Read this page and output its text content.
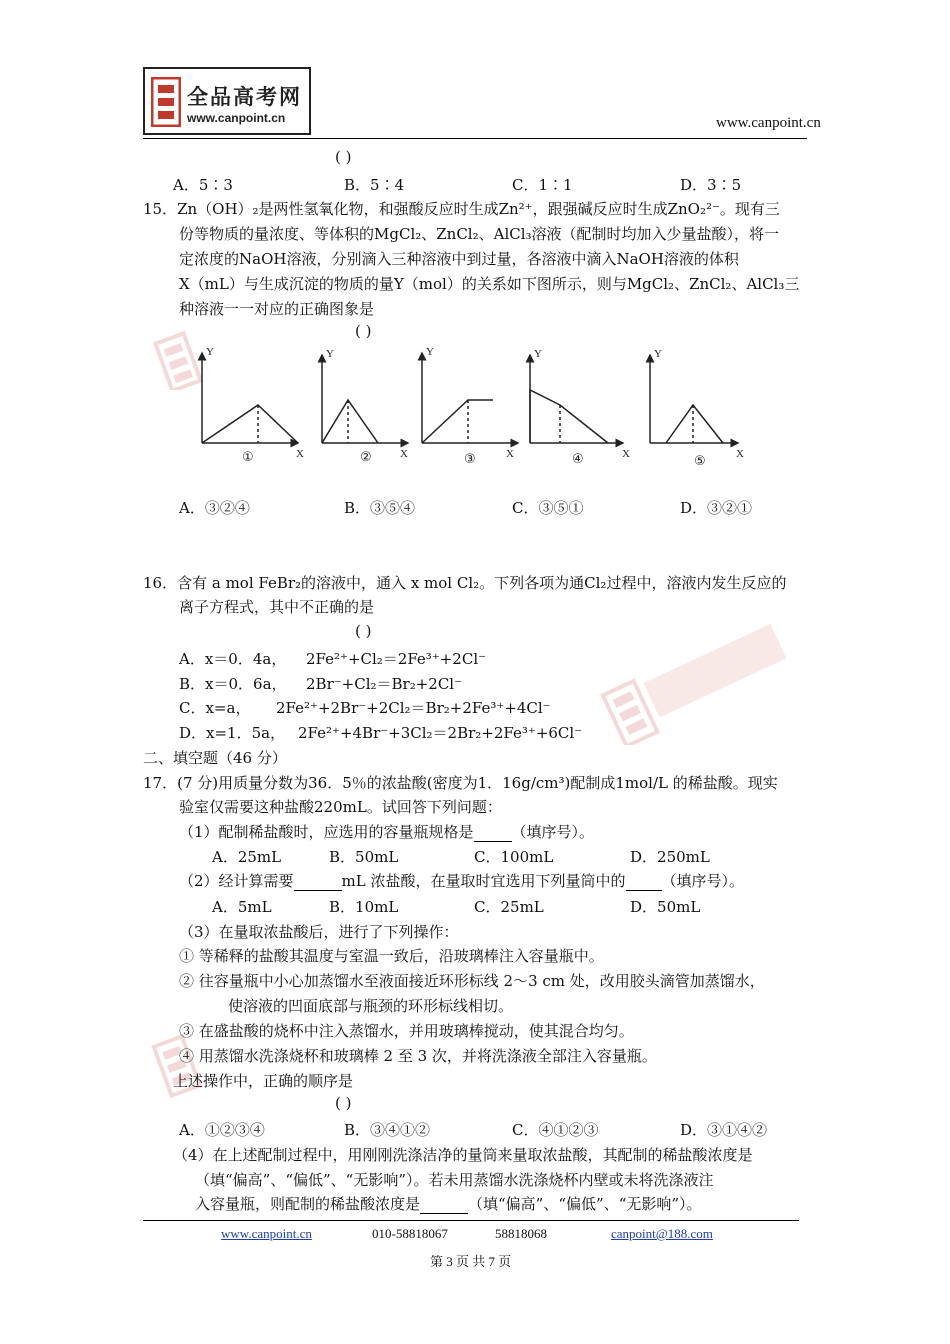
全品高考网
www.canpoint.cn	www.canpoint.cn
( )
A．5∶3	B．5∶4	C．1∶1	D．3∶5
15．Zn（OH）₂是两性氢氧化物，和强酸反应时生成Zn²⁺，跟强碱反应时生成ZnO₂²⁻。现有三
份等物质的量浓度、等体积的MgCl₂、ZnCl₂、AlCl₃溶液（配制时均加入少量盐酸），将一
定浓度的NaOH溶液，分别滴入三种溶液中到过量，各溶液中滴入NaOH溶液的体积
X（mL）与生成沉淀的物质的量Y（mol）的关系如下图所示，则与MgCl₂、ZnCl₂、AlCl₃三
种溶液一一对应的正确图象是
( )
Y
X
Y
X
Y
X
Y
X
Y
X
①	②	③	④	⑤
A．③②④	B．③⑤④	C．③⑤①	D．③②①
16．含有 a mol FeBr₂的溶液中，通入 x mol Cl₂。下列各项为通Cl₂过程中，溶液内发生反应的
离子方程式，其中不正确的是
( )
A．x＝0．4a， 2Fe²⁺+Cl₂＝2Fe³⁺+2Cl⁻
B．x＝0．6a， 2Br⁻+Cl₂＝Br₂+2Cl⁻
C．x=a， 2Fe²⁺+2Br⁻+2Cl₂＝Br₂+2Fe³⁺+4Cl⁻
D．x=1．5a， 2Fe²⁺+4Br⁻+3Cl₂＝2Br₂+2Fe³⁺+6Cl⁻
二、填空题（46 分）
17．(7 分)用质量分数为36．5％的浓盐酸(密度为1．16g/cm³)配制成1mol/L 的稀盐酸。现实
验室仅需要这种盐酸220mL。试回答下列问题：
（1）配制稀盐酸时，应选用的容量瓶规格是	（填序号）。
A．25mL	B．50mL	C．100mL	D．250mL
（2）经计算需要	mL 浓盐酸，在量取时宜选用下列量筒中的 （填序号）。
A．5mL	B．10mL	C．25mL	D．50mL
（3）在量取浓盐酸后，进行了下列操作：
① 等稀释的盐酸其温度与室温一致后，沿玻璃棒注入容量瓶中。
② 往容量瓶中小心加蒸馏水至液面接近环形标线 2～3 cm 处，改用胶头滴管加蒸馏水，
使溶液的凹面底部与瓶颈的环形标线相切。
③ 在盛盐酸的烧杯中注入蒸馏水，并用玻璃棒搅动，使其混合均匀。
④ 用蒸馏水洗涤烧杯和玻璃棒 2 至 3 次，并将洗涤液全部注入容量瓶。
上述操作中，正确的顺序是
( )
A．①②③④	B．③④①②	C．④①②③	D．③①④②
（4）在上述配制过程中，用刚刚洗涤洁净的量筒来量取浓盐酸，其配制的稀盐酸浓度是
（填“偏高”、“偏低”、“无影响”）。若未用蒸馏水洗涤烧杯内壁或未将洗涤液注
入容量瓶，则配制的稀盐酸浓度是	（填“偏高”、“偏低”、“无影响”）。
www.canpoint.cn	010-58818067	58818068	canpoint@188.com
第 3 页 共 7 页
